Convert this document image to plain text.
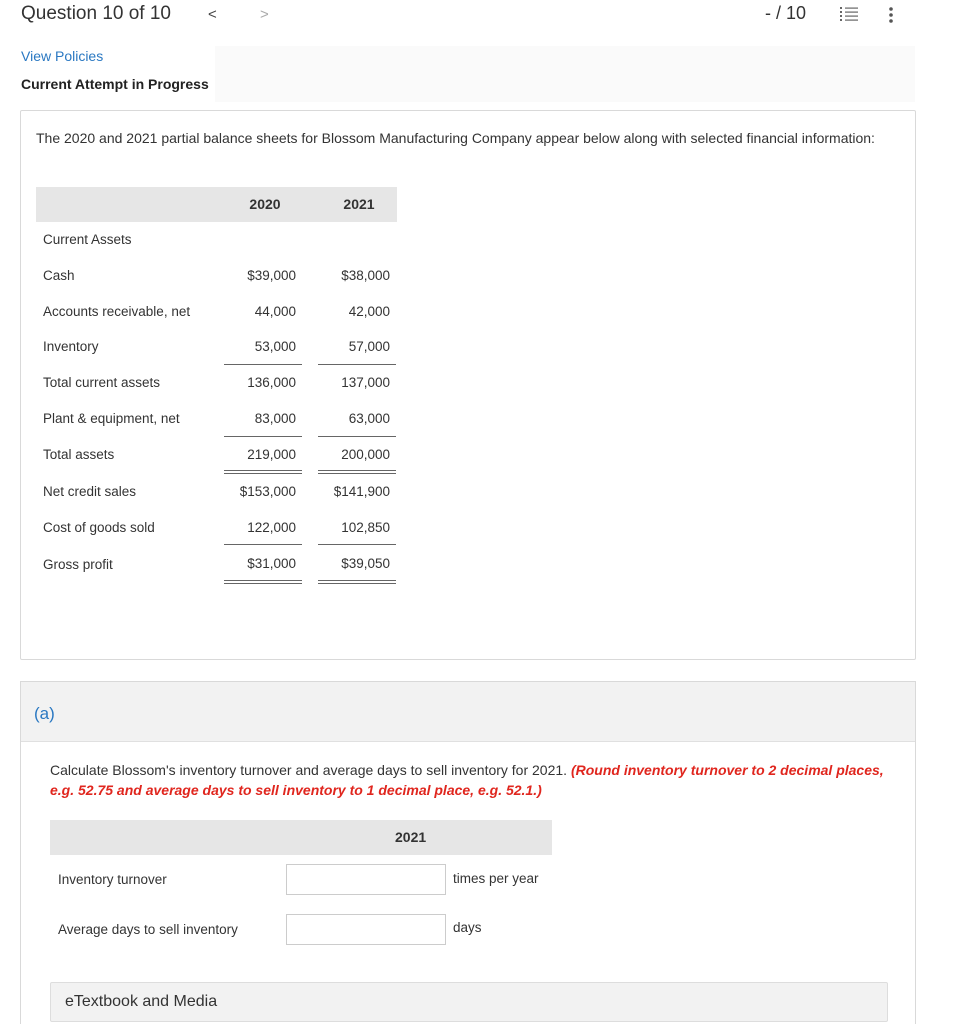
Question 10 of 10 <	>	- / 10
View Policies
Current Attempt in Progress

The 2020 and 2021 partial balance sheets for Blossom Manufacturing Company appear below along with selected financial information:

2020	2021
Current Assets
Cash	$39,000	$38,000
Accounts receivable, net	44,000	42,000
Inventory	53,000	57,000
Total current assets	136,000	137,000
Plant & equipment, net	83,000	63,000
Total assets	219,000	200,000
Net credit sales	$153,000	$141,900
Cost of goods sold	122,000	102,850
Gross profit	$31,000	$39,050
(a)

Calculate Blossom's inventory turnover and average days to sell inventory for 2021. (Round inventory turnover to 2 decimal places, e.g. 52.75 and average days to sell inventory to 1 decimal place, e.g. 52.1.)

2021
Inventory turnover	times per year
Average days to sell inventory	days
eTextbook and Media
